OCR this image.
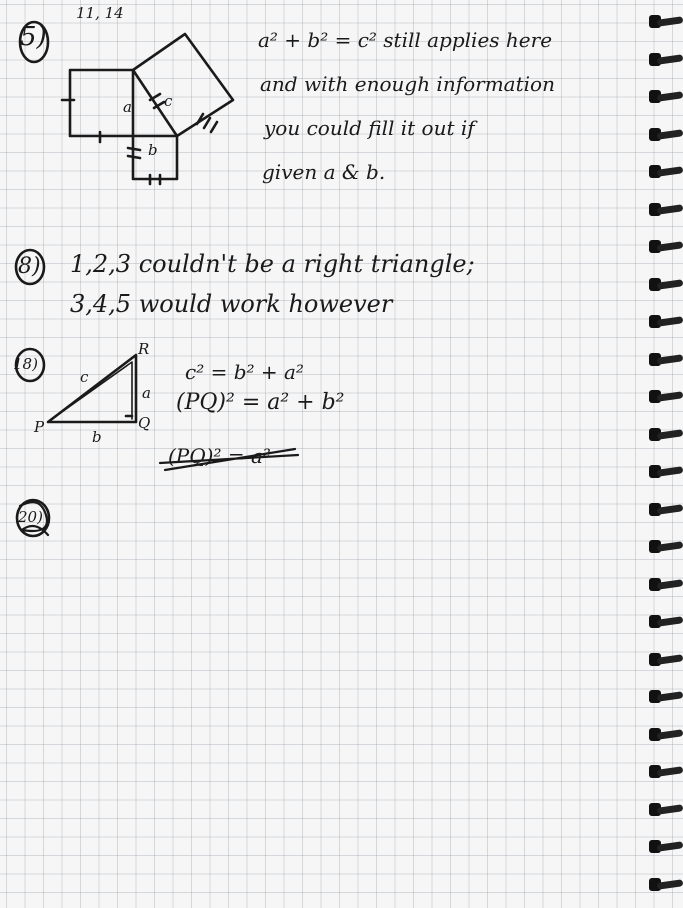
5)
11, 14
a
b
c
a² + b² = c² still applies here
and with enough information
you could fill it out if
given a & b.
8) 1,2,3 couldn't be a right triangle;
3,4,5 would work however
18)
R
P	Q
a
b
c	c² = b² + a²
(PQ)² = a² + b²
(PQ)² = a²
20)
